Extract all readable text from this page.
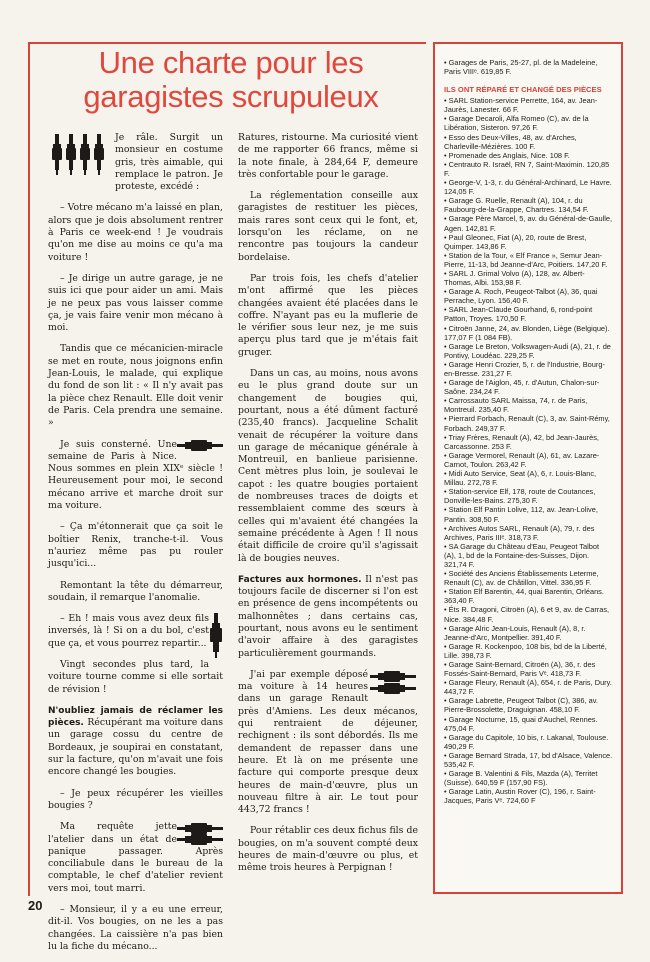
Une charte pour les garagistes scrupuleux

Je râle. Surgit un monsieur en costume gris, très aimable, qui remplace le patron. Je proteste, excédé :

– Votre mécano m'a laissé en plan, alors que je dois absolument rentrer à Paris ce week-end ! Je voudrais qu'on me dise au moins ce qu'a ma voiture !

– Je dirige un autre garage, je ne suis ici que pour aider un ami. Mais je ne peux pas vous laisser comme ça, je vais faire venir mon mécano à moi.

Tandis que ce mécanicien-miracle se met en route, nous joignons enfin Jean-Louis, le malade, qui explique du fond de son lit : « Il n'y avait pas la pièce chez Renault. Elle doit venir de Paris. Cela prendra une semaine. »

Je suis consterné. Une semaine de Paris à Nice. Nous sommes en plein XIXᵉ siècle ! Heureusement pour moi, le second mécano arrive et marche droit sur ma voiture.

– Ça m'étonnerait que ça soit le boîtier Renix, tranche-t-il. Vous n'auriez même pas pu rouler jusqu'ici...

Remontant la tête du démarreur, soudain, il remarque l'anomalie.

– Eh ! mais vous avez deux fils inversés, là ! Si on a du bol, c'est que ça, et vous pourrez repartir...

Vingt secondes plus tard, la voiture tourne comme si elle sortait de révision !

N'oubliez jamais de réclamer les pièces. Récupérant ma voiture dans un garage cossu du centre de Bordeaux, je soupirai en constatant, sur la facture, qu'on m'avait une fois encore changé les bougies.

– Je peux récupérer les vieilles bougies ?

Ma requête jette l'atelier dans un état de panique passager. Après conciliabule dans le bureau de la comptable, le chef d'atelier revient vers moi, tout marri.

– Monsieur, il y a eu une erreur, dit-il. Vos bougies, on ne les a pas changées. La caissière n'a pas bien lu la fiche du mécano...

Ratures, ristourne. Ma curiosité vient de me rapporter 66 francs, même si la note finale, à 284,64 F, demeure très confortable pour le garage.

La réglementation conseille aux garagistes de restituer les pièces, mais rares sont ceux qui le font, et, lorsqu'on les réclame, on ne rencontre pas toujours la candeur bordelaise.

Par trois fois, les chefs d'atelier m'ont affirmé que les pièces changées avaient été placées dans le coffre. N'ayant pas eu la muflerie de le vérifier sous leur nez, je me suis aperçu plus tard que je m'étais fait gruger.

Dans un cas, au moins, nous avons eu le plus grand doute sur un changement de bougies qui, pourtant, nous a été dûment facturé (235,40 francs). Jacqueline Schalit venait de récupérer la voiture dans un garage de mécanique générale à Montreuil, en banlieue parisienne. Cent mètres plus loin, je soulevai le capot : les quatre bougies portaient de nombreuses traces de doigts et ressemblaient comme des sœurs à celles qui m'avaient été changées la semaine précédente à Agen ! Il nous était difficile de croire qu'il s'agissait là de bougies neuves.

Factures aux hormones. Il n'est pas toujours facile de discerner si l'on est en présence de gens incompétents ou malhonnêtes ; dans certains cas, pourtant, nous avons eu le sentiment d'avoir affaire à des garagistes particulièrement gourmands.

J'ai par exemple déposé ma voiture à 14 heures dans un garage Renault près d'Amiens. Les deux mécanos, qui rentraient de déjeuner, rechignent : ils sont débordés. Ils me demandent de repasser dans une heure. Et là on me présente une facture qui comporte presque deux heures de main-d'œuvre, plus un nouveau filtre à air. Le tout pour 443,72 francs !

Pour rétablir ces deux fichus fils de bougies, on m'a souvent compté deux heures de main-d'œuvre ou plus, et même trois heures à Perpignan !

• Garages de Paris, 25-27, pl. de la Madeleine, Paris VIIIᵉ. 619,85 F.
ILS ONT RÉPARÉ ET CHANGÉ DES PIÈCES
• SARL Station-service Perrette, 164, av. Jean-Jaurès, Lanester. 66 F.
• Garage Decaroli, Alfa Romeo (C), av. de la Libération, Sisteron. 97,26 F.
• Esso des Deux-Villes, 48, av. d'Arches, Charleville-Mézières. 100 F.
• Promenade des Anglais, Nice. 108 F.
• Centrauto R. Israël, RN 7, Saint-Maximin. 120,85 F.
• George-V, 1-3, r. du Général-Archinard, Le Havre. 124,05 F.
• Garage G. Ruelle, Renault (A), 104, r. du Faubourg-de-la-Grappe, Chartres. 134,54 F.
• Garage Père Marcel, 5, av. du Général-de-Gaulle, Agen. 142,81 F.
• Paul Gleonec, Fiat (A), 20, route de Brest, Quimper. 143,86 F.
• Station de la Tour, « Elf France », Semur Jean-Pierre, 11-13, bd Jeanne-d'Arc, Poitiers. 147,20 F.
• SARL J. Grimal Volvo (A), 128, av. Albert-Thomas, Albi. 153,98 F.
• Garage A. Roch, Peugeot-Talbot (A), 36, quai Perrache, Lyon. 156,40 F.
• SARL Jean-Claude Gourhand, 6, rond-point Patton, Troyes. 170,50 F.
• Citroën Janne, 24, av. Blonden, Liège (Belgique). 177,07 F (1 084 FB).
• Garage Le Breton, Volkswagen-Audi (A), 21, r. de Pontivy, Loudéac. 229,25 F.
• Garage Henri Crozier, 5, r. de l'Industrie, Bourg-en-Bresse. 231,27 F.
• Garage de l'Aiglon, 45, r. d'Autun, Chalon-sur-Saône. 234,24 F.
• Carrossauto SARL Maissa, 74, r. de Paris, Montreuil. 235,40 F.
• Pierrard Forbach, Renault (C), 3, av. Saint-Rémy, Forbach. 249,37 F.
• Triay Frères, Renault (A), 42, bd Jean-Jaurès, Carcassonne. 253 F.
• Garage Vermorel, Renault (A), 61, av. Lazare-Carnot, Toulon. 263,42 F.
• Midi Auto Service, Seat (A), 6, r. Louis-Blanc, Millau. 272,78 F.
• Station-service Elf, 178, route de Coutances, Donville-les-Bains. 275,30 F.
• Station Elf Pantin Lolive, 112, av. Jean-Lolive, Pantin. 308,50 F.
• Archives Autos SARL, Renault (A), 79, r. des Archives, Paris IIIᵉ. 318,73 F.
• SA Garage du Château d'Eau, Peugeot Talbot (A), 1, bd de la Fontaine-des-Suisses, Dijon. 321,74 F.
• Société des Anciens Établissements Leterme, Renault (C), av. de Châtillon, Vittel. 336,95 F.
• Station Elf Barentin, 44, quai Barentin, Orléans. 363,40 F.
• Éts R. Dragoni, Citroën (A), 6 et 9, av. de Carras, Nice. 384,48 F.
• Garage Alric Jean-Louis, Renault (A), 8, r. Jeanne-d'Arc, Montpellier. 391,40 F.
• Garage R. Kockenpoo, 108 bis, bd de la Liberté, Lille. 398,73 F.
• Garage Saint-Bernard, Citroën (A), 36, r. des Fossés-Saint-Bernard, Paris Vᵉ. 418,73 F.
• Garage Fleury, Renault (A), 654, r. de Paris, Dury. 443,72 F.
• Garage Labrette, Peugeot Talbot (C), 386, av. Pierre-Brossolette, Draguignan. 458,10 F.
• Garage Nocturne, 15, quai d'Auchel, Rennes. 475,04 F.
• Garage du Capitole, 10 bis, r. Lakanal, Toulouse. 490,29 F.
• Garage Bernard Strada, 17, bd d'Alsace, Valence. 535,42 F.
• Garage B. Valentini & Fils, Mazda (A), Territet (Suisse). 640,59 F (157,90 FS).
• Garage Latin, Austin Rover (C), 196, r. Saint-Jacques, Paris Vᵉ. 724,60 F
20
